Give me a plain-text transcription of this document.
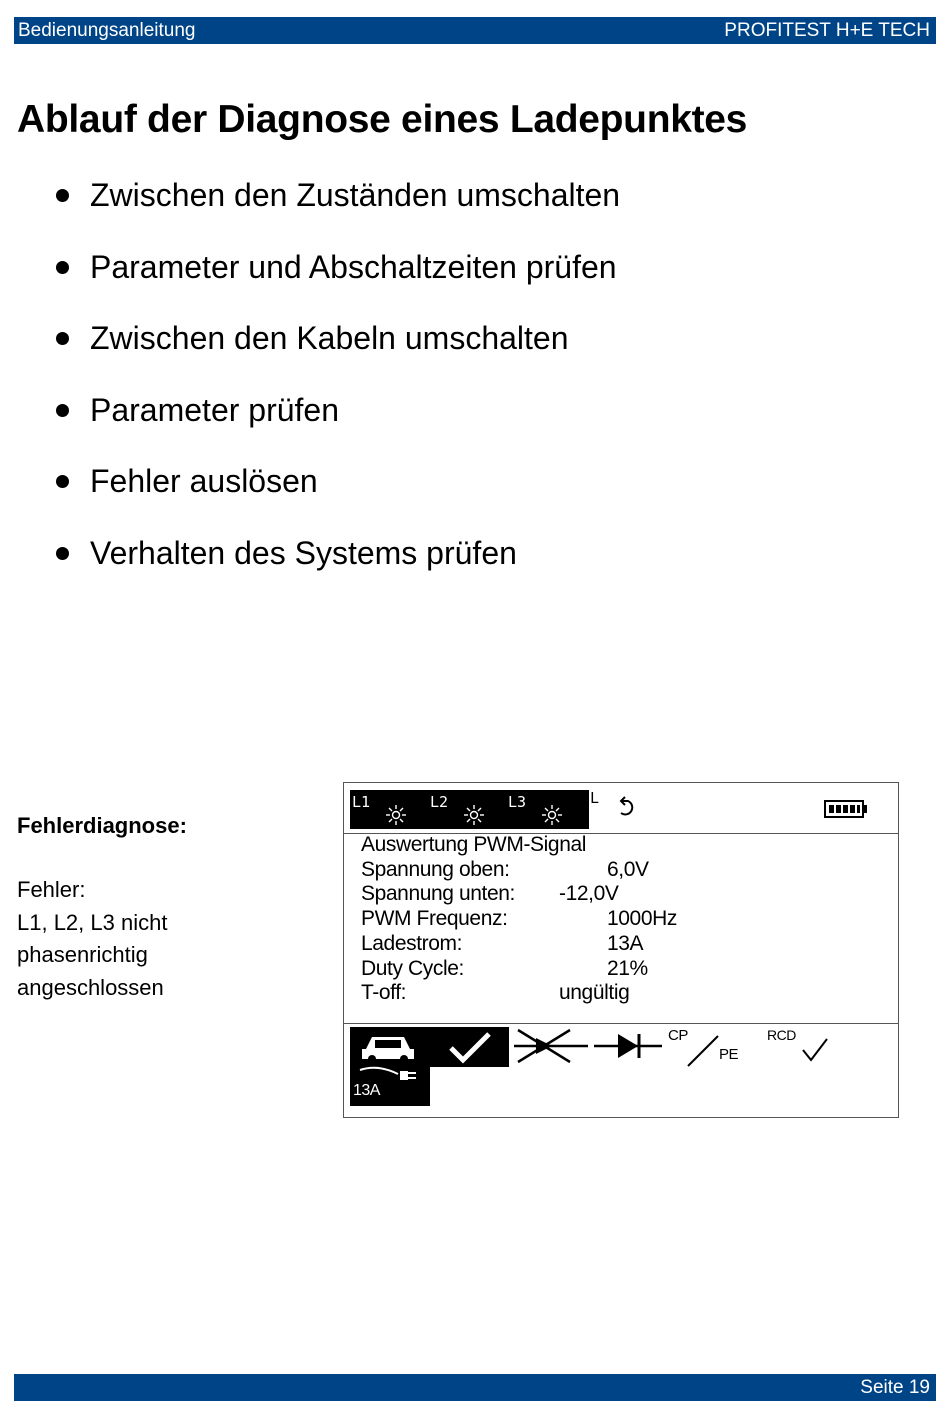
Bedienungsanleitung	PROFITEST H+E TECH
Ablauf der Diagnose eines Ladepunktes
Zwischen den Zuständen umschalten
Parameter und Abschaltzeiten prüfen
Zwischen den Kabeln umschalten
Parameter prüfen
Fehler auslösen
Verhalten des Systems prüfen
Fehlerdiagnose:
Fehler:
L1, L2, L3 nicht
phasenrichtig
angeschlossen
L1	L2	L3	L
Auswertung PWM-Signal
Spannung oben:	6,0V
Spannung unten:	-12,0V
PWM Frequenz:	1000Hz
Ladestrom:	13A
Duty Cycle:	21%
T-off:	ungültig
13A
CP
PE
RCD
Seite 19
